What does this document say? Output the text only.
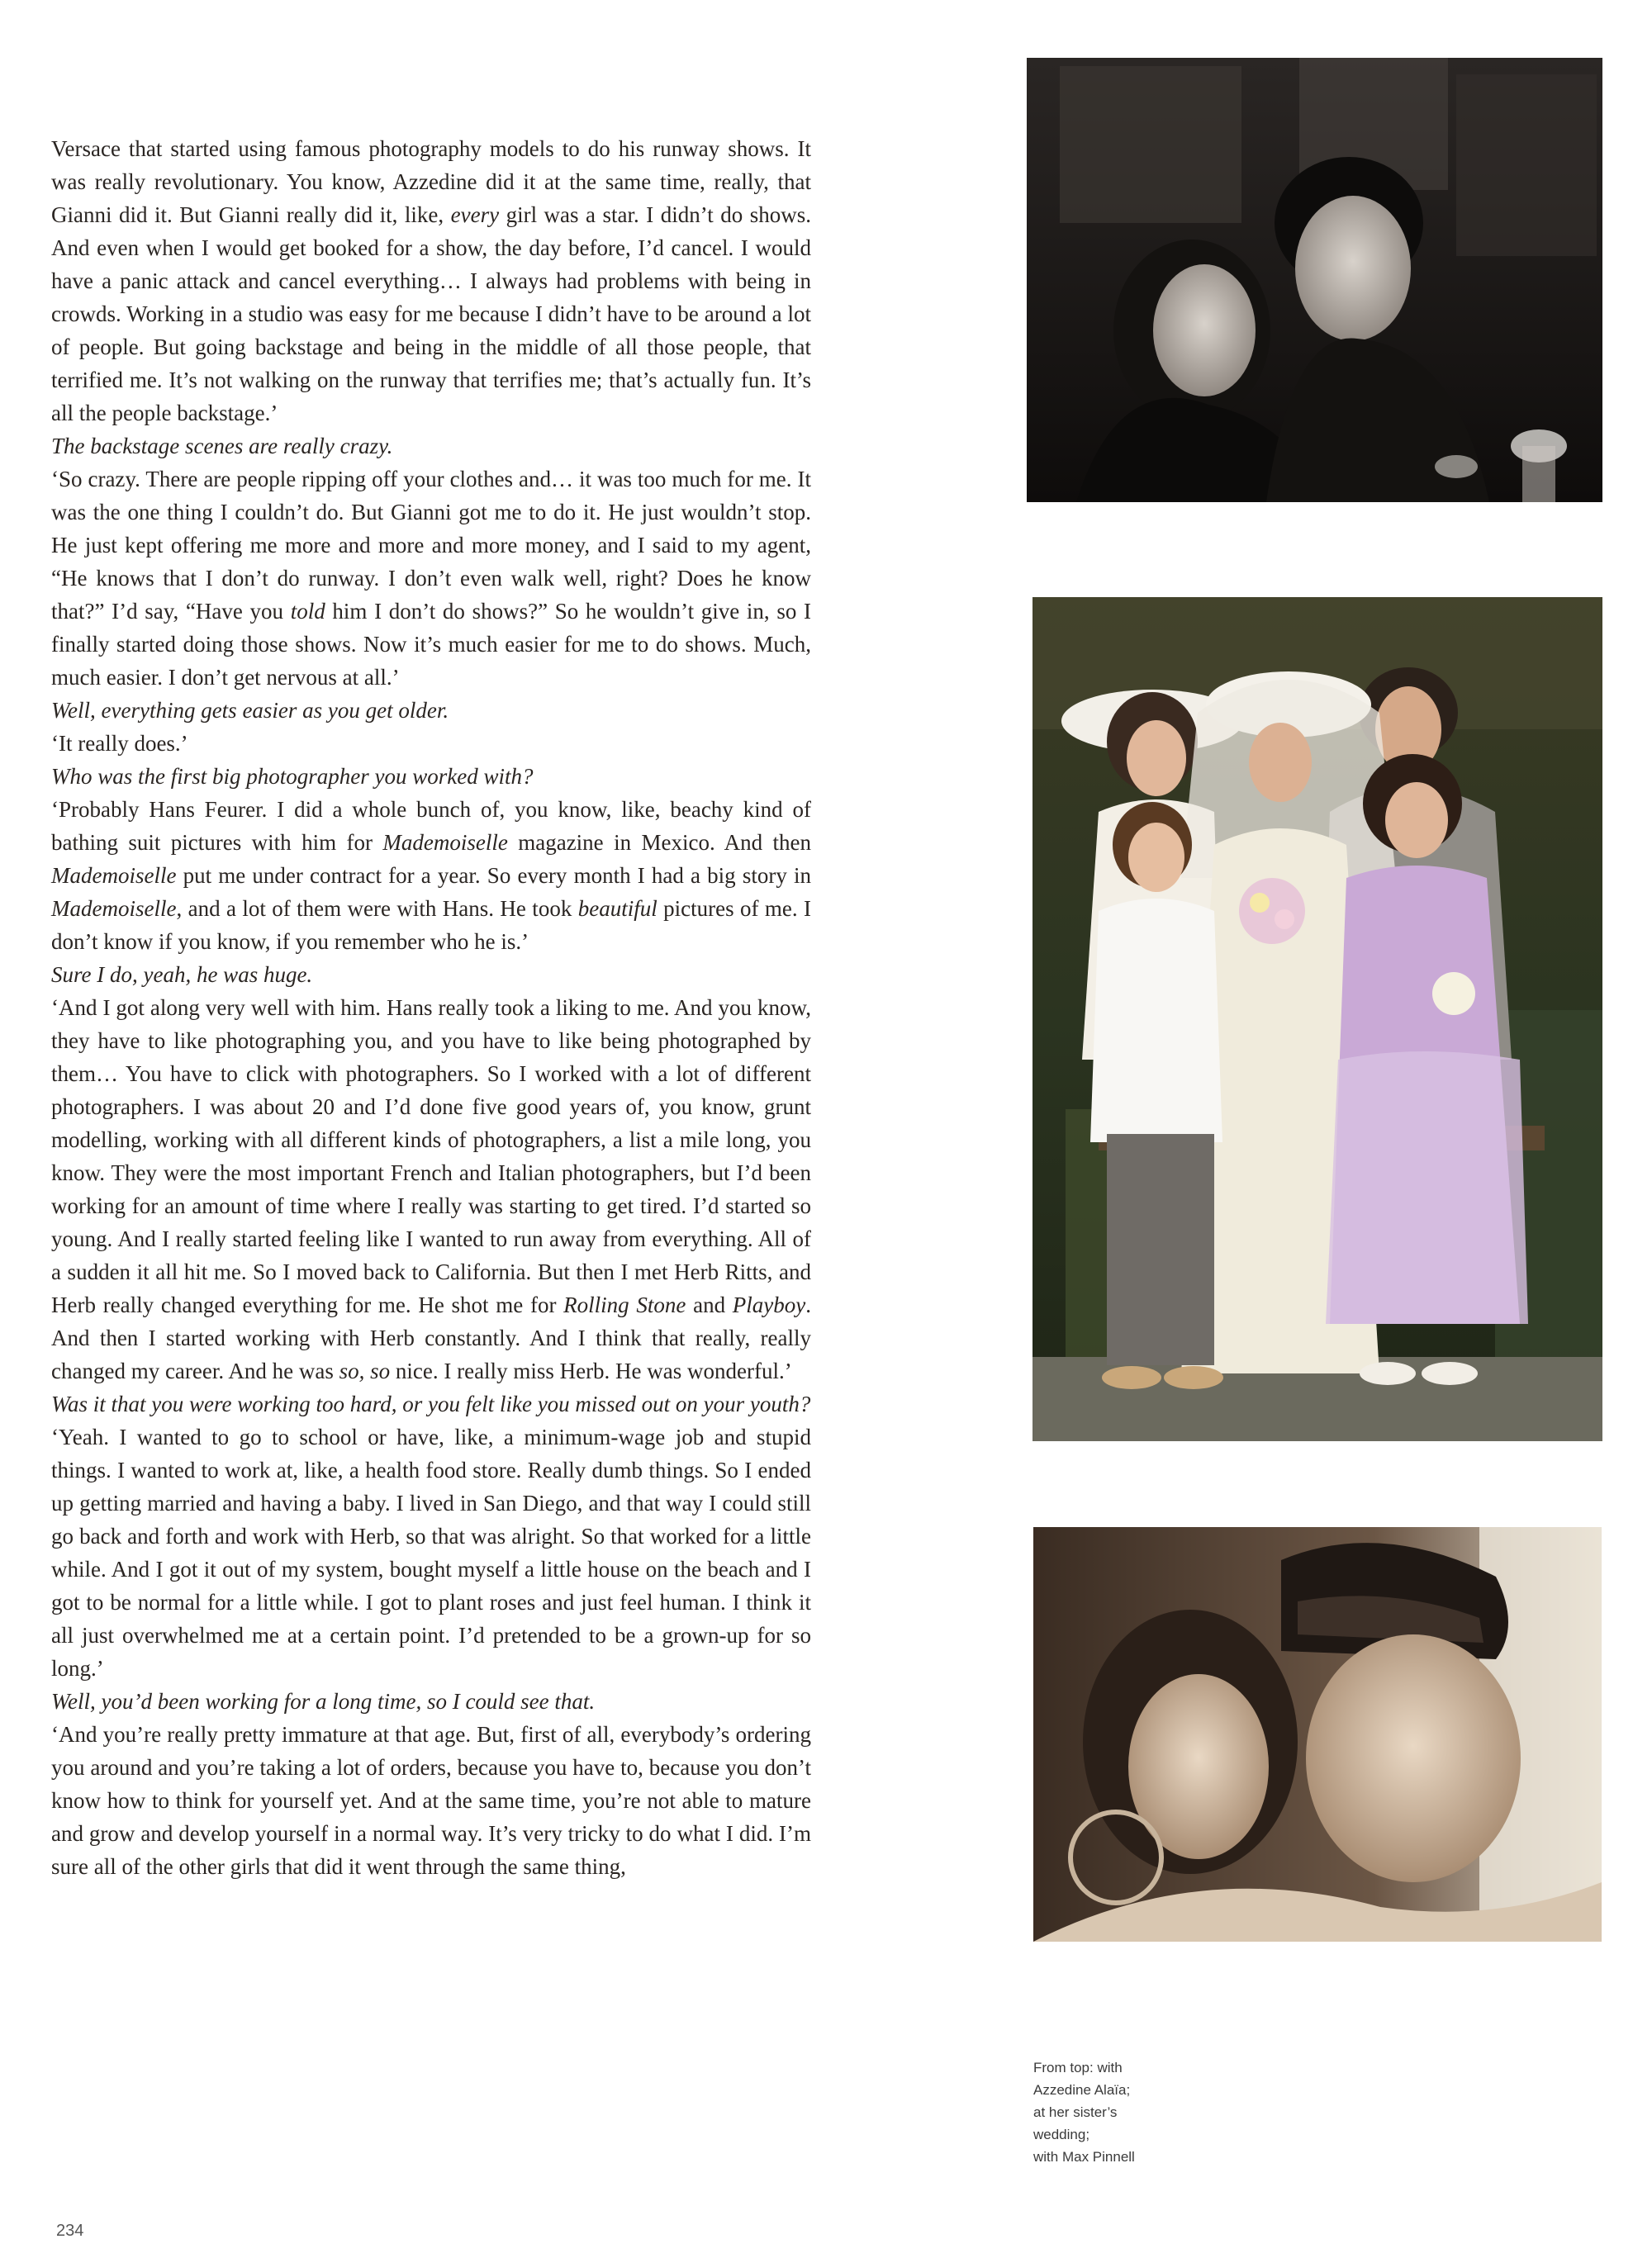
Versace that started using famous photography models to do his runway shows. It was really revolutionary. You know, Azzedine did it at the same time, really, that Gianni did it. But Gianni really did it, like, every girl was a star. I didn’t do shows. And even when I would get booked for a show, the day before, I’d cancel. I would have a panic attack and cancel everything… I always had problems with being in crowds. Working in a studio was easy for me because I didn’t have to be around a lot of people. But going backstage and being in the middle of all those people, that terrified me. It’s not walking on the runway that terrifies me; that’s actually fun. It’s all the people backstage.’

The backstage scenes are really crazy.

‘So crazy. There are people ripping off your clothes and… it was too much for me. It was the one thing I couldn’t do. But Gianni got me to do it. He just wouldn’t stop. He just kept offering me more and more and more money, and I said to my agent, “He knows that I don’t do runway. I don’t even walk well, right? Does he know that?” I’d say, “Have you told him I don’t do shows?” So he wouldn’t give in, so I finally started doing those shows. Now it’s much easier for me to do shows. Much, much easier. I don’t get nervous at all.’

Well, everything gets easier as you get older.

‘It really does.’

Who was the first big photographer you worked with?

‘Probably Hans Feurer. I did a whole bunch of, you know, like, beachy kind of bathing suit pictures with him for Mademoiselle magazine in Mexico. And then Mademoiselle put me under contract for a year. So every month I had a big story in Mademoiselle, and a lot of them were with Hans. He took beautiful pictures of me. I don’t know if you know, if you remember who he is.’

Sure I do, yeah, he was huge.

‘And I got along very well with him. Hans really took a liking to me. And you know, they have to like photographing you, and you have to like being photographed by them… You have to click with photographers. So I worked with a lot of different photographers. I was about 20 and I’d done five good years of, you know, grunt modelling, working with all different kinds of photographers, a list a mile long, you know. They were the most important French and Italian photographers, but I’d been working for an amount of time where I really was starting to get tired. I’d started so young. And I really started feeling like I wanted to run away from everything. All of a sudden it all hit me. So I moved back to California. But then I met Herb Ritts, and Herb really changed everything for me. He shot me for Rolling Stone and Playboy. And then I started working with Herb constantly. And I think that really, really changed my career. And he was so, so nice. I really miss Herb. He was wonderful.’

Was it that you were working too hard, or you felt like you missed out on your youth?

‘Yeah. I wanted to go to school or have, like, a minimum-wage job and stupid things. I wanted to work at, like, a health food store. Really dumb things. So I ended up getting married and having a baby. I lived in San Diego, and that way I could still go back and forth and work with Herb, so that was alright. So that worked for a little while. And I got it out of my system, bought myself a little house on the beach and I got to be normal for a little while. I got to plant roses and just feel human. I think it all just overwhelmed me at a certain point. I’d pretended to be a grown-up for so long.’

Well, you’d been working for a long time, so I could see that.

‘And you’re really pretty immature at that age. But, first of all, everybody’s ordering you around and you’re taking a lot of orders, because you have to, because you don’t know how to think for yourself yet. And at the same time, you’re not able to mature and grow and develop yourself in a normal way. It’s very tricky to do what I did. I’m sure all of the other girls that did it went through the same thing,

From top: with
Azzedine Alaïa;
at her sister’s
wedding;
with Max Pinnell
234
